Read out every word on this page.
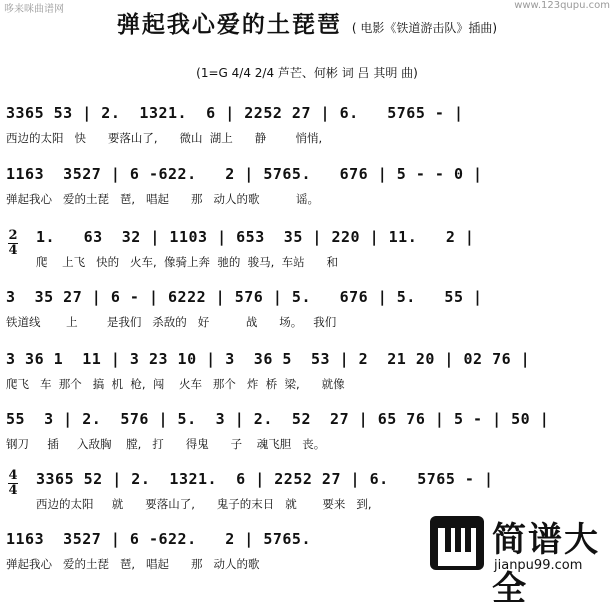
哆来咪曲谱网	www.123qupu.com
弹起我心爱的土琵琶 ( 电影《铁道游击队》插曲)
(1=G 4/4 2/4 芦芒、何彬 词 吕 其明 曲)
3365 53 | 2.  1321.  6 | 2252 27 | 6.   5765 - |
西边的太阳   快      要落山了,      微山  湖上      静        悄悄,
1163  3527 | 6 -622.   2 | 5765.   676 | 5 - - 0 |
弹起我心   爱的土琵   琶,   唱起      那   动人的歌          谣。
2
4
1.   63  32 | 1103 | 653  35 | 220 | 11.   2 |
爬    上飞   快的   火车,  像骑上奔  驰的  骏马,  车站      和
3  35 27 | 6 - | 6222 | 576 | 5.   676 | 5.   55 |
铁道线       上        是我们   杀敌的   好          战      场。   我们
3 36 1  11 | 3 23 10 | 3  36 5  53 | 2  21 20 | 02 76 |
爬飞   车  那个   搞  机  枪,  闯    火车   那个   炸  桥  梁,      就像
55  3 | 2.  576 | 5.  3 | 2.  52  27 | 65 76 | 5 - | 50 |
钢刀     插     入敌胸    膛,   打      得鬼      子    魂飞胆   丧。
4
4
3365 52 | 2.  1321.  6 | 2252 27 | 6.   5765 - |
西边的太阳     就      要落山了,      鬼子的末日   就       要来   到,
1163  3527 | 6 -622.   2 | 5765.
弹起我心   爱的土琵   琶,   唱起      那   动人的歌
简谱大全
jianpu99.com
